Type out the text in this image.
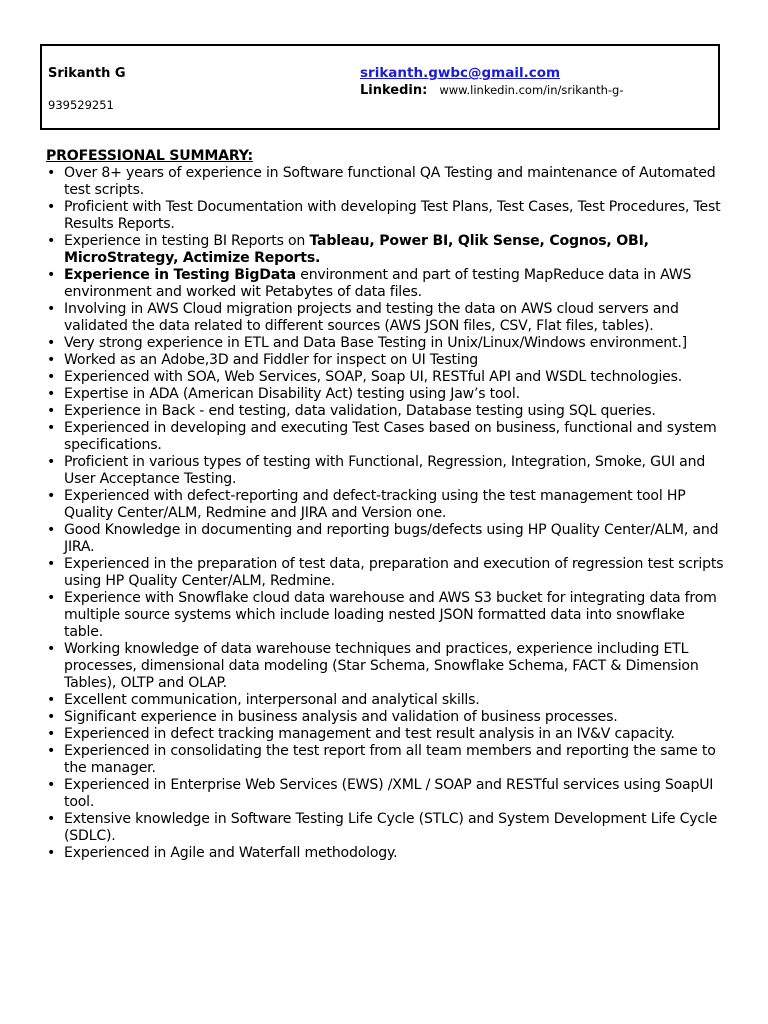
Srikanth G
939529251
srikanth.gwbc@gmail.com
Linkedin: www.linkedin.com/in/srikanth-g-
PROFESSIONAL SUMMARY:
• Over 8+ years of experience in Software functional QA Testing and maintenance of Automated test scripts.
• Proficient with Test Documentation with developing Test Plans, Test Cases, Test Procedures, Test Results Reports.
• Experience in testing BI Reports on Tableau, Power BI, Qlik Sense, Cognos, OBI, MicroStrategy, Actimize Reports.
• Experience in Testing BigData environment and part of testing MapReduce data in AWS environment and worked wit Petabytes of data files.
• Involving in AWS Cloud migration projects and testing the data on AWS cloud servers and validated the data related to different sources (AWS JSON files, CSV, Flat files, tables).
• Very strong experience in ETL and Data Base Testing in Unix/Linux/Windows environment.]
• Worked as an Adobe,3D and Fiddler for inspect on UI Testing
• Experienced with SOA, Web Services, SOAP, Soap UI, RESTful API and WSDL technologies.
• Expertise in ADA (American Disability Act) testing using Jaw’s tool.
• Experience in Back - end testing, data validation, Database testing using SQL queries.
• Experienced in developing and executing Test Cases based on business, functional and system specifications.
• Proficient in various types of testing with Functional, Regression, Integration, Smoke, GUI and User Acceptance Testing.
• Experienced with defect-reporting and defect-tracking using the test management tool HP Quality Center/ALM, Redmine and JIRA and Version one.
• Good Knowledge in documenting and reporting bugs/defects using HP Quality Center/ALM, and JIRA.
• Experienced in the preparation of test data, preparation and execution of regression test scripts using HP Quality Center/ALM, Redmine.
• Experience with Snowflake cloud data warehouse and AWS S3 bucket for integrating data from multiple source systems which include loading nested JSON formatted data into snowflake table.
• Working knowledge of data warehouse techniques and practices, experience including ETL processes, dimensional data modeling (Star Schema, Snowflake Schema, FACT & Dimension Tables), OLTP and OLAP.
• Excellent communication, interpersonal and analytical skills.
• Significant experience in business analysis and validation of business processes.
• Experienced in defect tracking management and test result analysis in an IV&V capacity.
• Experienced in consolidating the test report from all team members and reporting the same to the manager.
• Experienced in Enterprise Web Services (EWS) /XML / SOAP and RESTful services using SoapUI tool.
• Extensive knowledge in Software Testing Life Cycle (STLC) and System Development Life Cycle (SDLC).
• Experienced in Agile and Waterfall methodology.
